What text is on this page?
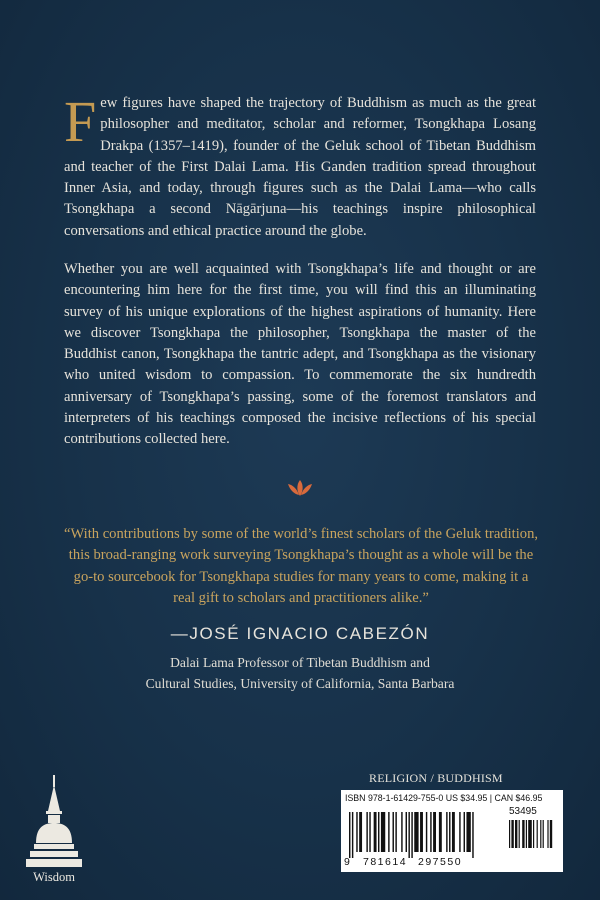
Few figures have shaped the trajectory of Buddhism as much as the great philosopher and meditator, scholar and reformer, Tsongkhapa Losang Drakpa (1357–1419), founder of the Geluk school of Tibetan Buddhism and teacher of the First Dalai Lama. His Ganden tradition spread throughout Inner Asia, and today, through figures such as the Dalai Lama—who calls Tsongkhapa a second Nāgārjuna—his teachings inspire philosophical conversations and ethical practice around the globe.

Whether you are well acquainted with Tsongkhapa’s life and thought or are encountering him here for the first time, you will find this an illuminating survey of his unique explorations of the highest aspirations of humanity. Here we discover Tsongkhapa the philosopher, Tsongkhapa the master of the Buddhist canon, Tsongkhapa the tantric adept, and Tsongkhapa as the visionary who united wisdom to compassion. To commemorate the six hundredth anniversary of Tsongkhapa’s passing, some of the foremost translators and interpreters of his teachings composed the incisive reflections of his special contributions collected here.

“With contributions by some of the world’s finest scholars of the Geluk tradition, this broad-ranging work surveying Tsongkhapa’s thought as a whole will be the go-to sourcebook for Tsongkhapa studies for many years to come, making it a real gift to scholars and practitioners alike.”

—JOSÉ IGNACIO CABEZÓN
Dalai Lama Professor of Tibetan Buddhism and
Cultural Studies, University of California, Santa Barbara
Wisdom
RELIGION / BUDDHISM
ISBN 978-1-61429-755-0 US $34.95 | CAN $46.95
53495
9 781614 297550
